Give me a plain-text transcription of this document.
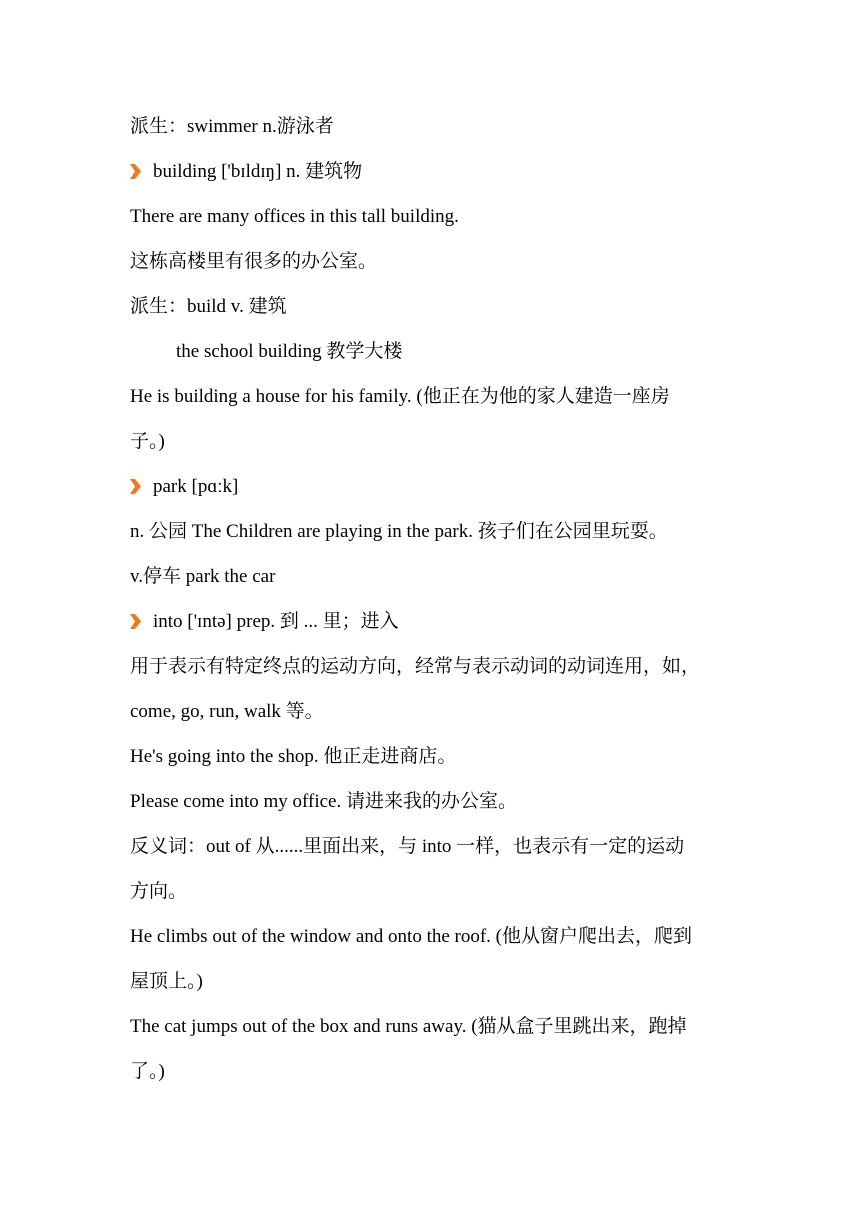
派生：swimmer n.游泳者
building ['bɪldɪŋ] n. 建筑物
There are many offices in this tall building.
这栋高楼里有很多的办公室。
派生：build v. 建筑
the school building 教学大楼
He is building a house for his family. (他正在为他的家人建造一座房
子。)
park [pɑːk]
n. 公园 The Children are playing in the park. 孩子们在公园里玩耍。
v.停车 park the car
into ['ɪntə] prep. 到 ... 里；进入
用于表示有特定终点的运动方向，经常与表示动词的动词连用，如，
come, go, run, walk 等。
He's going into the shop. 他正走进商店。
Please come into my office. 请进来我的办公室。
反义词：out of 从......里面出来，与 into 一样，也表示有一定的运动
方向。
He climbs out of the window and onto the roof. (他从窗户爬出去，爬到
屋顶上。)
The cat jumps out of the box and runs away. (猫从盒子里跳出来，跑掉
了。)
